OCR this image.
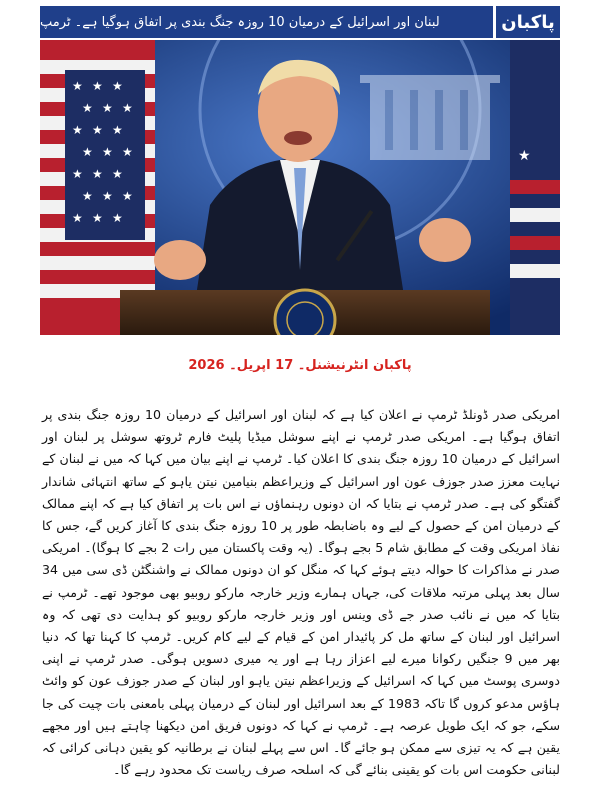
پاکبان
لبنان اور اسرائیل کے درمیان 10 روزہ جنگ بندی پر اتفاق ہوگیا ہے۔ ٹرمپ
★ ★ ★
★ ★ ★
★ ★ ★
★ ★ ★
★ ★ ★
★ ★ ★
★ ★ ★
★
پاکبان انٹرنیشنل۔ 17 اپریل۔ 2026

امریکی صدر ڈونلڈ ٹرمپ نے اعلان کیا ہے کہ لبنان اور اسرائیل کے درمیان 10 روزہ جنگ بندی پر اتفاق ہوگیا ہے۔ امریکی صدر ٹرمپ نے اپنے سوشل میڈیا پلیٹ فارم ٹروتھ سوشل پر لبنان اور اسرائیل کے درمیان 10 روزہ جنگ بندی کا اعلان کیا۔ ٹرمپ نے اپنے بیان میں کہا کہ میں نے لبنان کے نہایت معزز صدر جوزف عون اور اسرائیل کے وزیراعظم بنیامین نیتن یاہو کے ساتھ انتہائی شاندار گفتگو کی ہے۔ صدر ٹرمپ نے بتایا کہ ان دونوں رہنماؤں نے اس بات پر اتفاق کیا ہے کہ اپنے ممالک کے درمیان امن کے حصول کے لیے وہ باضابطہ طور پر 10 روزہ جنگ بندی کا آغاز کریں گے، جس کا نفاذ امریکی وقت کے مطابق شام 5 بجے ہوگا۔ (یہ وقت پاکستان میں رات 2 بجے کا ہوگا)۔ امریکی صدر نے مذاکرات کا حوالہ دیتے ہوئے کہا کہ منگل کو ان دونوں ممالک نے واشنگٹن ڈی سی میں 34 سال بعد پہلی مرتبہ ملاقات کی، جہاں ہمارے وزیر خارجہ مارکو روبیو بھی موجود تھے۔ ٹرمپ نے بتایا کہ میں نے نائب صدر جے ڈی وینس اور وزیر خارجہ مارکو روبیو کو ہدایت دی تھی کہ وہ اسرائیل اور لبنان کے ساتھ مل کر پائیدار امن کے قیام کے لیے کام کریں۔ ٹرمپ کا کہنا تھا کہ دنیا بھر میں 9 جنگیں رکوانا میرے لیے اعزاز رہا ہے اور یہ میری دسویں ہوگی۔ صدر ٹرمپ نے اپنی دوسری پوسٹ میں کہا کہ اسرائیل کے وزیراعظم نیتن یاہو اور لبنان کے صدر جوزف عون کو وائٹ ہاؤس مدعو کروں گا تاکہ 1983 کے بعد اسرائیل اور لبنان کے درمیان پہلی بامعنی بات چیت کی جا سکے، جو کہ ایک طویل عرصہ ہے۔ ٹرمپ نے کہا کہ دونوں فریق امن دیکھنا چاہتے ہیں اور مجھے یقین ہے کہ یہ تیزی سے ممکن ہو جائے گا۔ اس سے پہلے لبنان نے برطانیہ کو یقین دہانی کرائی کہ لبنانی حکومت اس بات کو یقینی بنائے گی کہ اسلحہ صرف ریاست تک محدود رہے گا۔
